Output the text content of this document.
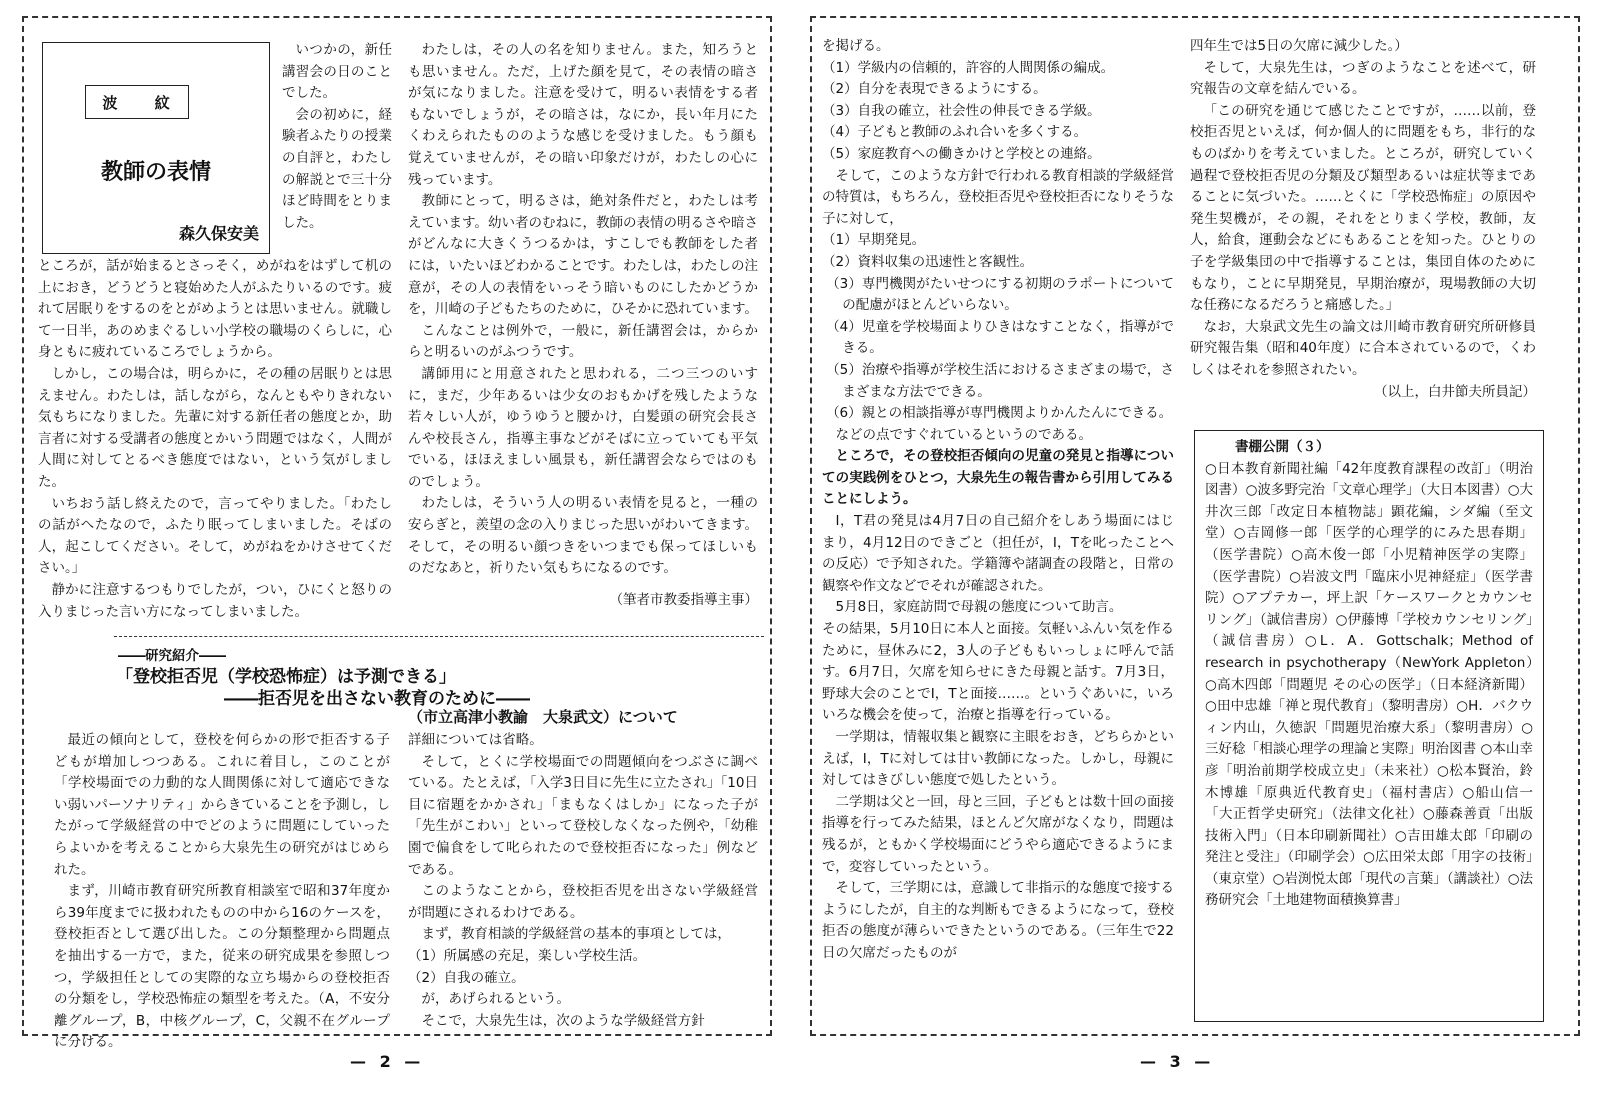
波 紋
教師の表情
森久保安美

いつかの，新任講習会の日のことでした。

会の初めに，経験者ふたりの授業の自評と，わたしの解説とで三十分ほど時間をとりました。

ところが，話が始まるとさっそく，めがねをはずして机の上におき，どうどうと寝始めた人がふたりいるのです。疲れて居眠りをするのをとがめようとは思いません。就職して一日半，あのめまぐるしい小学校の職場のくらしに，心身ともに疲れているころでしょうから。

しかし，この場合は，明らかに，その種の居眠りとは思えません。わたしは，話しながら，なんともやりきれない気もちになりました。先輩に対する新任者の態度とか，助言者に対する受講者の態度とかいう問題ではなく，人間が人間に対してとるべき態度ではない，という気がしました。

いちおう話し終えたので，言ってやりました。「わたしの話がへたなので，ふたり眠ってしまいました。そばの人，起こしてください。そして，めがねをかけさせてください。」

静かに注意するつもりでしたが，つい，ひにくと怒りの入りまじった言い方になってしまいました。

わたしは，その人の名を知りません。また，知ろうとも思いません。ただ，上げた顔を見て，その表情の暗さが気になりました。注意を受けて，明るい表情をする者もないでしょうが，その暗さは，なにか，長い年月にたくわえられたもののような感じを受けました。もう顔も覚えていませんが，その暗い印象だけが，わたしの心に残っています。

教師にとって，明るさは，絶対条件だと，わたしは考えています。幼い者のむねに，教師の表情の明るさや暗さがどんなに大きくうつるかは，すこしでも教師をした者には，いたいほどわかることです。わたしは，わたしの注意が，その人の表情をいっそう暗いものにしたかどうかを，川崎の子どもたちのために，ひそかに恐れています。

こんなことは例外で，一般に，新任講習会は，からからと明るいのがふつうです。

講師用にと用意されたと思われる，二つ三つのいすに，まだ，少年あるいは少女のおもかげを残したような若々しい人が，ゆうゆうと腰かけ，白髪頭の研究会長さんや校長さん，指導主事などがそばに立っていても平気でいる，ほほえましい風景も，新任講習会ならではのものでしょう。

わたしは，そういう人の明るい表情を見ると，一種の安らぎと，羨望の念の入りまじった思いがわいてきます。そして，その明るい顔つきをいつまでも保ってほしいものだなあと，祈りたい気もちになるのです。

（筆者市教委指導主事）

――研究紹介――
「登校拒否児（学校恐怖症）は予測できる」
――拒否児を出さない教育のために――
（市立高津小教諭　大泉武文）について

最近の傾向として，登校を何らかの形で拒否する子どもが増加しつつある。これに着目し，このことが「学校場面での力動的な人間関係に対して適応できない弱いパーソナリティ」からきていることを予測し，したがって学級経営の中でどのように問題にしていったらよいかを考えることから大泉先生の研究がはじめられた。

まず，川崎市教育研究所教育相談室で昭和37年度から39年度までに扱われたものの中から16のケースを，登校拒否として選び出した。この分類整理から問題点を抽出する一方で，また，従来の研究成果を参照しつつ，学級担任としての実際的な立ち場からの登校拒否の分類をし，学校恐怖症の類型を考えた。（A，不安分離グループ，B，中核グループ，C，父親不在グループに分ける。

詳細については省略。

そして，とくに学校場面での問題傾向をつぶさに調べている。たとえば，「入学3日目に先生に立たされ」「10日目に宿題をかかされ」「まもなくはしか」になった子が「先生がこわい」といって登校しなくなった例や，「幼稚園で偏食をして叱られたので登校拒否になった」例などである。

このようなことから，登校拒否児を出さない学級経営が問題にされるわけである。

まず，教育相談的学級経営の基本的事項としては，

（1）所属感の充足，楽しい学校生活。

（2）自我の確立。

が，あげられるという。

そこで，大泉先生は，次のような学級経営方針

— 2 —

を掲げる。

（1）学級内の信頼的，許容的人間関係の編成。

（2）自分を表現できるようにする。

（3）自我の確立，社会性の伸長できる学級。

（4）子どもと教師のふれ合いを多くする。

（5）家庭教育への働きかけと学校との連絡。

そして，このような方針で行われる教育相談的学級経営の特質は，もちろん，登校拒否児や登校拒否になりそうな子に対して，

（1）早期発見。

（2）資料収集の迅速性と客観性。

（3）専門機関がたいせつにする初期のラポートについての配慮がほとんどいらない。

（4）児童を学校場面よりひきはなすことなく，指導ができる。

（5）治療や指導が学校生活におけるさまざまの場で，さまざまな方法でできる。

（6）親との相談指導が専門機関よりかんたんにできる。

などの点ですぐれているというのである。

ところで，その登校拒否傾向の児童の発見と指導についての実践例をひとつ，大泉先生の報告書から引用してみることにしよう。

I，T君の発見は4月7日の自己紹介をしあう場面にはじまり，4月12日のできごと（担任が，I，Tを叱ったことへの反応）で予知された。学籍簿や諸調査の段階と，日常の観察や作文などでそれが確認された。

5月8日，家庭訪問で母親の態度について助言。

その結果，5月10日に本人と面接。気軽いふんい気を作るために，昼休みに2，3人の子どももいっしょに呼んで話す。6月7日，欠席を知らせにきた母親と話す。7月3日，野球大会のことでI，Tと面接……。というぐあいに，いろいろな機会を使って，治療と指導を行っている。

一学期は，情報収集と観察に主眼をおき，どちらかといえば，I，Tに対しては甘い教師になった。しかし，母親に対してはきびしい態度で処したという。

二学期は父と一回，母と三回，子どもとは数十回の面接指導を行ってみた結果，ほとんど欠席がなくなり，問題は残るが，ともかく学校場面にどうやら適応できるようにまで，変容していったという。

そして，三学期には，意識して非指示的な態度で接するようにしたが，自主的な判断もできるようになって，登校拒否の態度が薄らいできたというのである。（三年生で22日の欠席だったものが

四年生では5日の欠席に減少した。）

そして，大泉先生は，つぎのようなことを述べて，研究報告の文章を結んでいる。

「この研究を通じて感じたことですが，……以前，登校拒否児といえば，何か個人的に問題をもち，非行的なものばかりを考えていました。ところが，研究していく過程で登校拒否児の分類及び類型あるいは症状等まであることに気づいた。……とくに「学校恐怖症」の原因や発生契機が，その親，それをとりまく学校，教師，友人，給食，運動会などにもあることを知った。ひとりの子を学級集団の中で指導することは，集団自体のためにもなり，ことに早期発見，早期治療が，現場教師の大切な任務になるだろうと痛感した。」

なお，大泉武文先生の論文は川崎市教育研究所研修員研究報告集（昭和40年度）に合本されているので，くわしくはそれを参照されたい。

（以上，白井節夫所員記）

書棚公開（３）

○日本教育新聞社編「42年度教育課程の改訂」（明治図書）○波多野完治「文章心理学」（大日本図書）○大井次三郎「改定日本植物誌」顕花編，シダ編（至文堂）○吉岡修一郎「医学的心理学的にみた思春期」（医学書院）○高木俊一郎「小児精神医学の実際」（医学書院）○岩波文門「臨床小児神経症」（医学書院）○アプテカー，坪上訳「ケースワークとカウンセリング」（誠信書房）○伊藤博「学校カウンセリング」（誠信書房）○L．A．Gottschalk；Method of research in psychotherapy（NewYork Appleton）○高木四郎「問題児 その心の医学」（日本経済新聞）○田中忠雄「禅と現代教育」（黎明書房）○H．バクウィン内山，久徳訳「問題児治療大系」（黎明書房）○三好稔「相談心理学の理論と実際」明治図書 ○本山幸彦「明治前期学校成立史」（未来社）○松本賢治，鈴木博雄「原典近代教育史」（福村書店）○船山信一「大正哲学史研究」（法律文化社）○藤森善貢「出版技術入門」（日本印刷新聞社）○吉田雄太郎「印刷の発注と受注」（印刷学会）○広田栄太郎「用字の技術」（東京堂）○岩渕悦太郎「現代の言葉」（講談社）○法務研究会「土地建物面積換算書」

— 3 —
